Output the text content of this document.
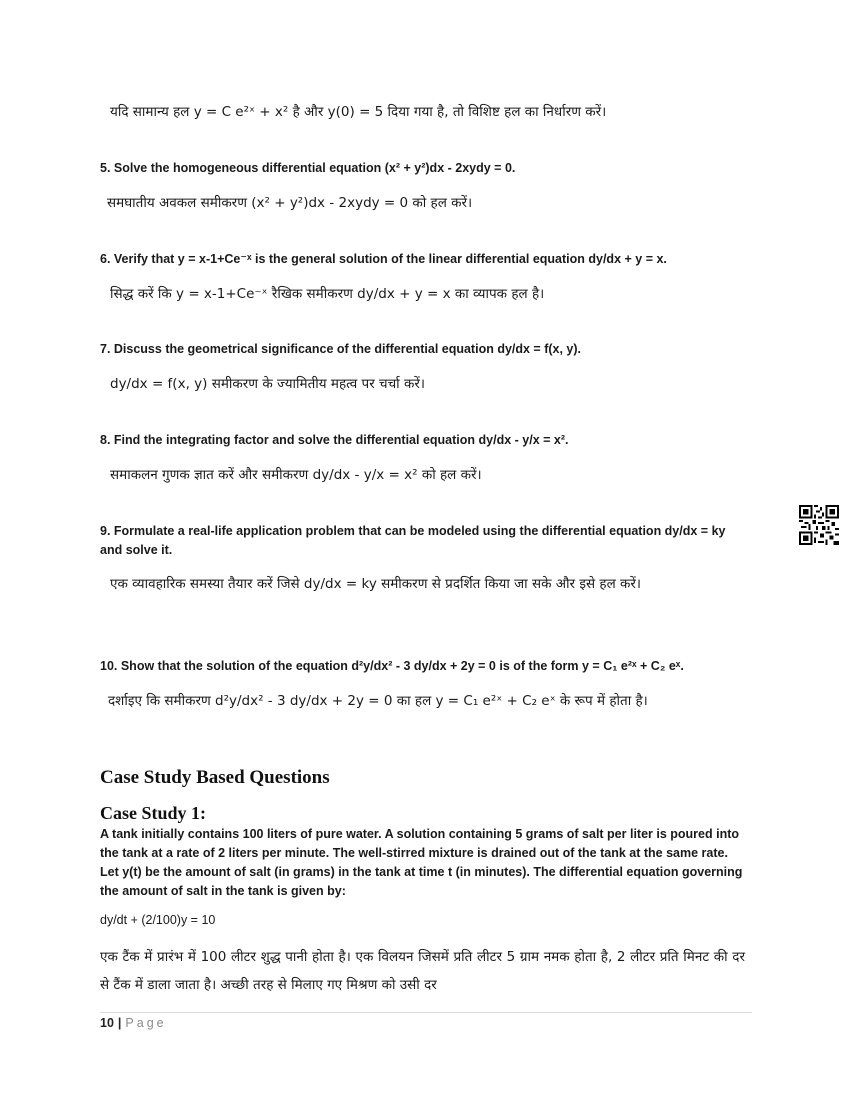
यदि सामान्य हल y = C e²ˣ + x² है और y(0) = 5 दिया गया है, तो विशिष्ट हल का निर्धारण करें।
5. Solve the homogeneous differential equation (x² + y²)dx - 2xydy = 0.
समघातीय अवकल समीकरण (x² + y²)dx - 2xydy = 0 को हल करें।
6. Verify that y = x-1+Ce⁻ˣ is the general solution of the linear differential equation dy/dx + y = x.
सिद्ध करें कि y = x-1+Ce⁻ˣ रैखिक समीकरण dy/dx + y = x का व्यापक हल है।
7. Discuss the geometrical significance of the differential equation dy/dx = f(x, y).
dy/dx = f(x, y) समीकरण के ज्यामितीय महत्व पर चर्चा करें।
8. Find the integrating factor and solve the differential equation dy/dx - y/x = x².
समाकलन गुणक ज्ञात करें और समीकरण dy/dx - y/x = x² को हल करें।
9. Formulate a real-life application problem that can be modeled using the differential equation dy/dx = ky and solve it.
एक व्यावहारिक समस्या तैयार करें जिसे dy/dx = ky समीकरण से प्रदर्शित किया जा सके और इसे हल करें।
10. Show that the solution of the equation d²y/dx² - 3 dy/dx + 2y = 0 is of the form y = C₁ e²ˣ + C₂ eˣ.
दर्शाइए कि समीकरण d²y/dx² - 3 dy/dx + 2y = 0 का हल y = C₁ e²ˣ + C₂ eˣ के रूप में होता है।
Case Study Based Questions
Case Study 1:
A tank initially contains 100 liters of pure water. A solution containing 5 grams of salt per liter is poured into the tank at a rate of 2 liters per minute. The well-stirred mixture is drained out of the tank at the same rate. Let y(t) be the amount of salt (in grams) in the tank at time t (in minutes). The differential equation governing the amount of salt in the tank is given by:
dy/dt + (2/100)y = 10
एक टैंक में प्रारंभ में 100 लीटर शुद्ध पानी होता है। एक विलयन जिसमें प्रति लीटर 5 ग्राम नमक होता है, 2 लीटर प्रति मिनट की दर से टैंक में डाला जाता है। अच्छी तरह से मिलाए गए मिश्रण को उसी दर
10 | Page
